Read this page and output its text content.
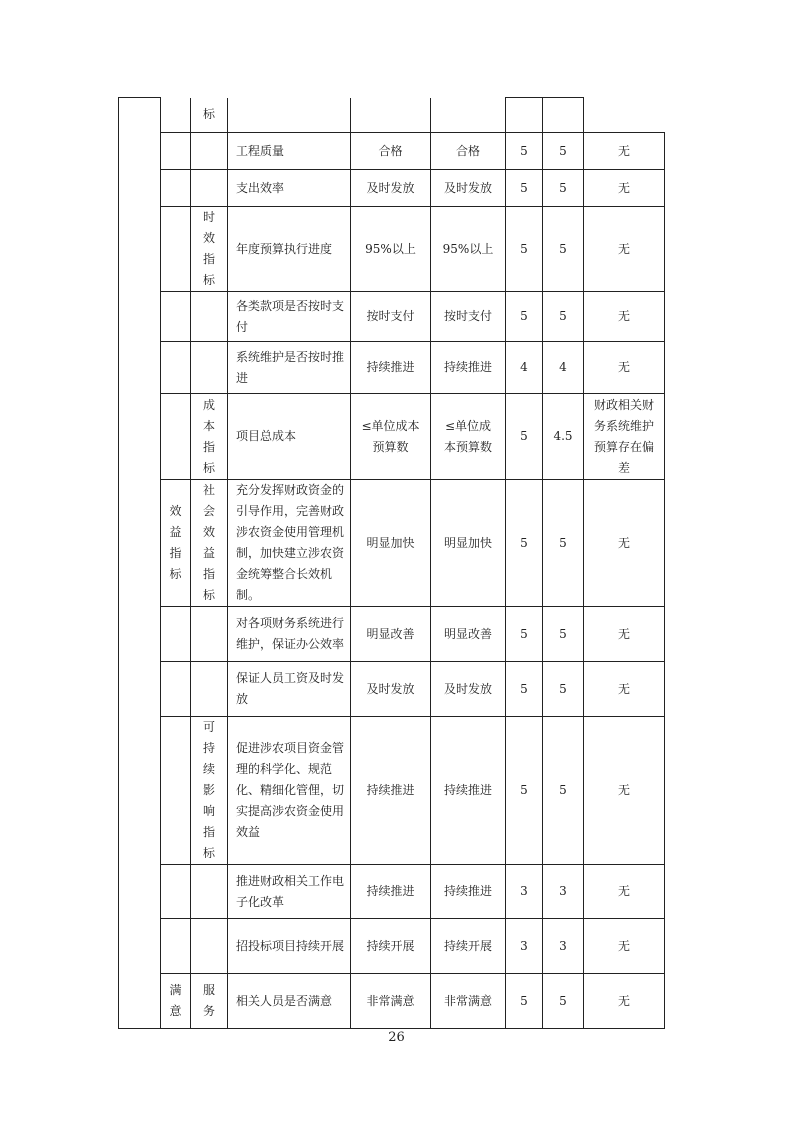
		标						
			工程质量	合格	合格	5	5	无
			支出效率	及时发放	及时发放	5	5	无
		时效指标	年度预算执行进度	95%以上	95%以上	5	5	无
			各类款项是否按时支付	按时支付	按时支付	5	5	无
			系统维护是否按时推进	持续推进	持续推进	4	4	无
		成本指标	项目总成本	≤单位成本预算数	≤单位成本预算数	5	4.5	财政相关财务系统维护预算存在偏差
	效益指标	社会效益指标	充分发挥财政资金的引导作用，完善财政涉农资金使用管理机制，加快建立涉农资金统筹整合长效机制。	明显加快	明显加快	5	5	无
			对各项财务系统进行维护，保证办公效率	明显改善	明显改善	5	5	无
			保证人员工资及时发放	及时发放	及时发放	5	5	无
		可持续影响指标	促进涉农项目资金管理的科学化、规范化、精细化管俚，切实提高涉农资金使用效益	持续推进	持续推进	5	5	无
			推进财政相关工作电子化改革	持续推进	持续推进	3	3	无
			招投标项目持续开展	持续开展	持续开展	3	3	无
	满意	服务	相关人员是否满意	非常满意	非常满意	5	5	无
26
